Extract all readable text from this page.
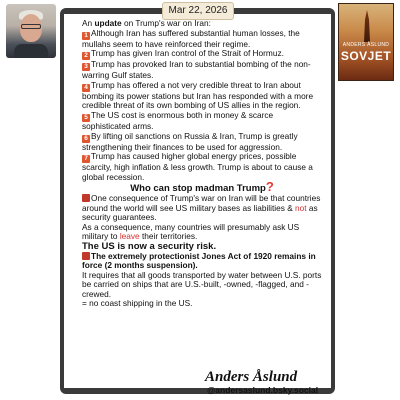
ANDERS ÅSLUND
SOVJET
Mar 22, 2026

An update on Trump's war on Iran:

1 Although Iran has suffered substantial human losses, the mullahs seem to have reinforced their regime.

2 Trump has given Iran control of the Strait of Hormuz.

3 Trump has provoked Iran to substantial bombing of the non-warring Gulf states.

4 Trump has offered a not very credible threat to Iran about bombing its power stations but Iran has responded with a more credible threat of its own bombing of US allies in the region.

5 The US cost is enormous both in money & scarce sophisticated arms.

6 By lifting oil sanctions on Russia & Iran, Trump is greatly strengthening their finances to be used for aggression.

7 Trump has caused higher global energy prices, possible scarcity, high inflation & less growth. Trump is about to cause a global recession.

Who can stop madman Trump?

One consequence of Trump's war on Iran will be that countries around the world will see US military bases as liabilities & not as security guarantees.

As a consequence, many countries will presumably ask US military to leave their territories.

The US is now a security risk.

The extremely protectionist Jones Act of 1920 remains in force (2 months suspension).

It requires that all goods transported by water between U.S. ports be carried on ships that are U.S.-built, -owned, -flagged, and -crewed.

= no coast shipping in the US.

Anders Åslund
@andersaslund.bsky.social
